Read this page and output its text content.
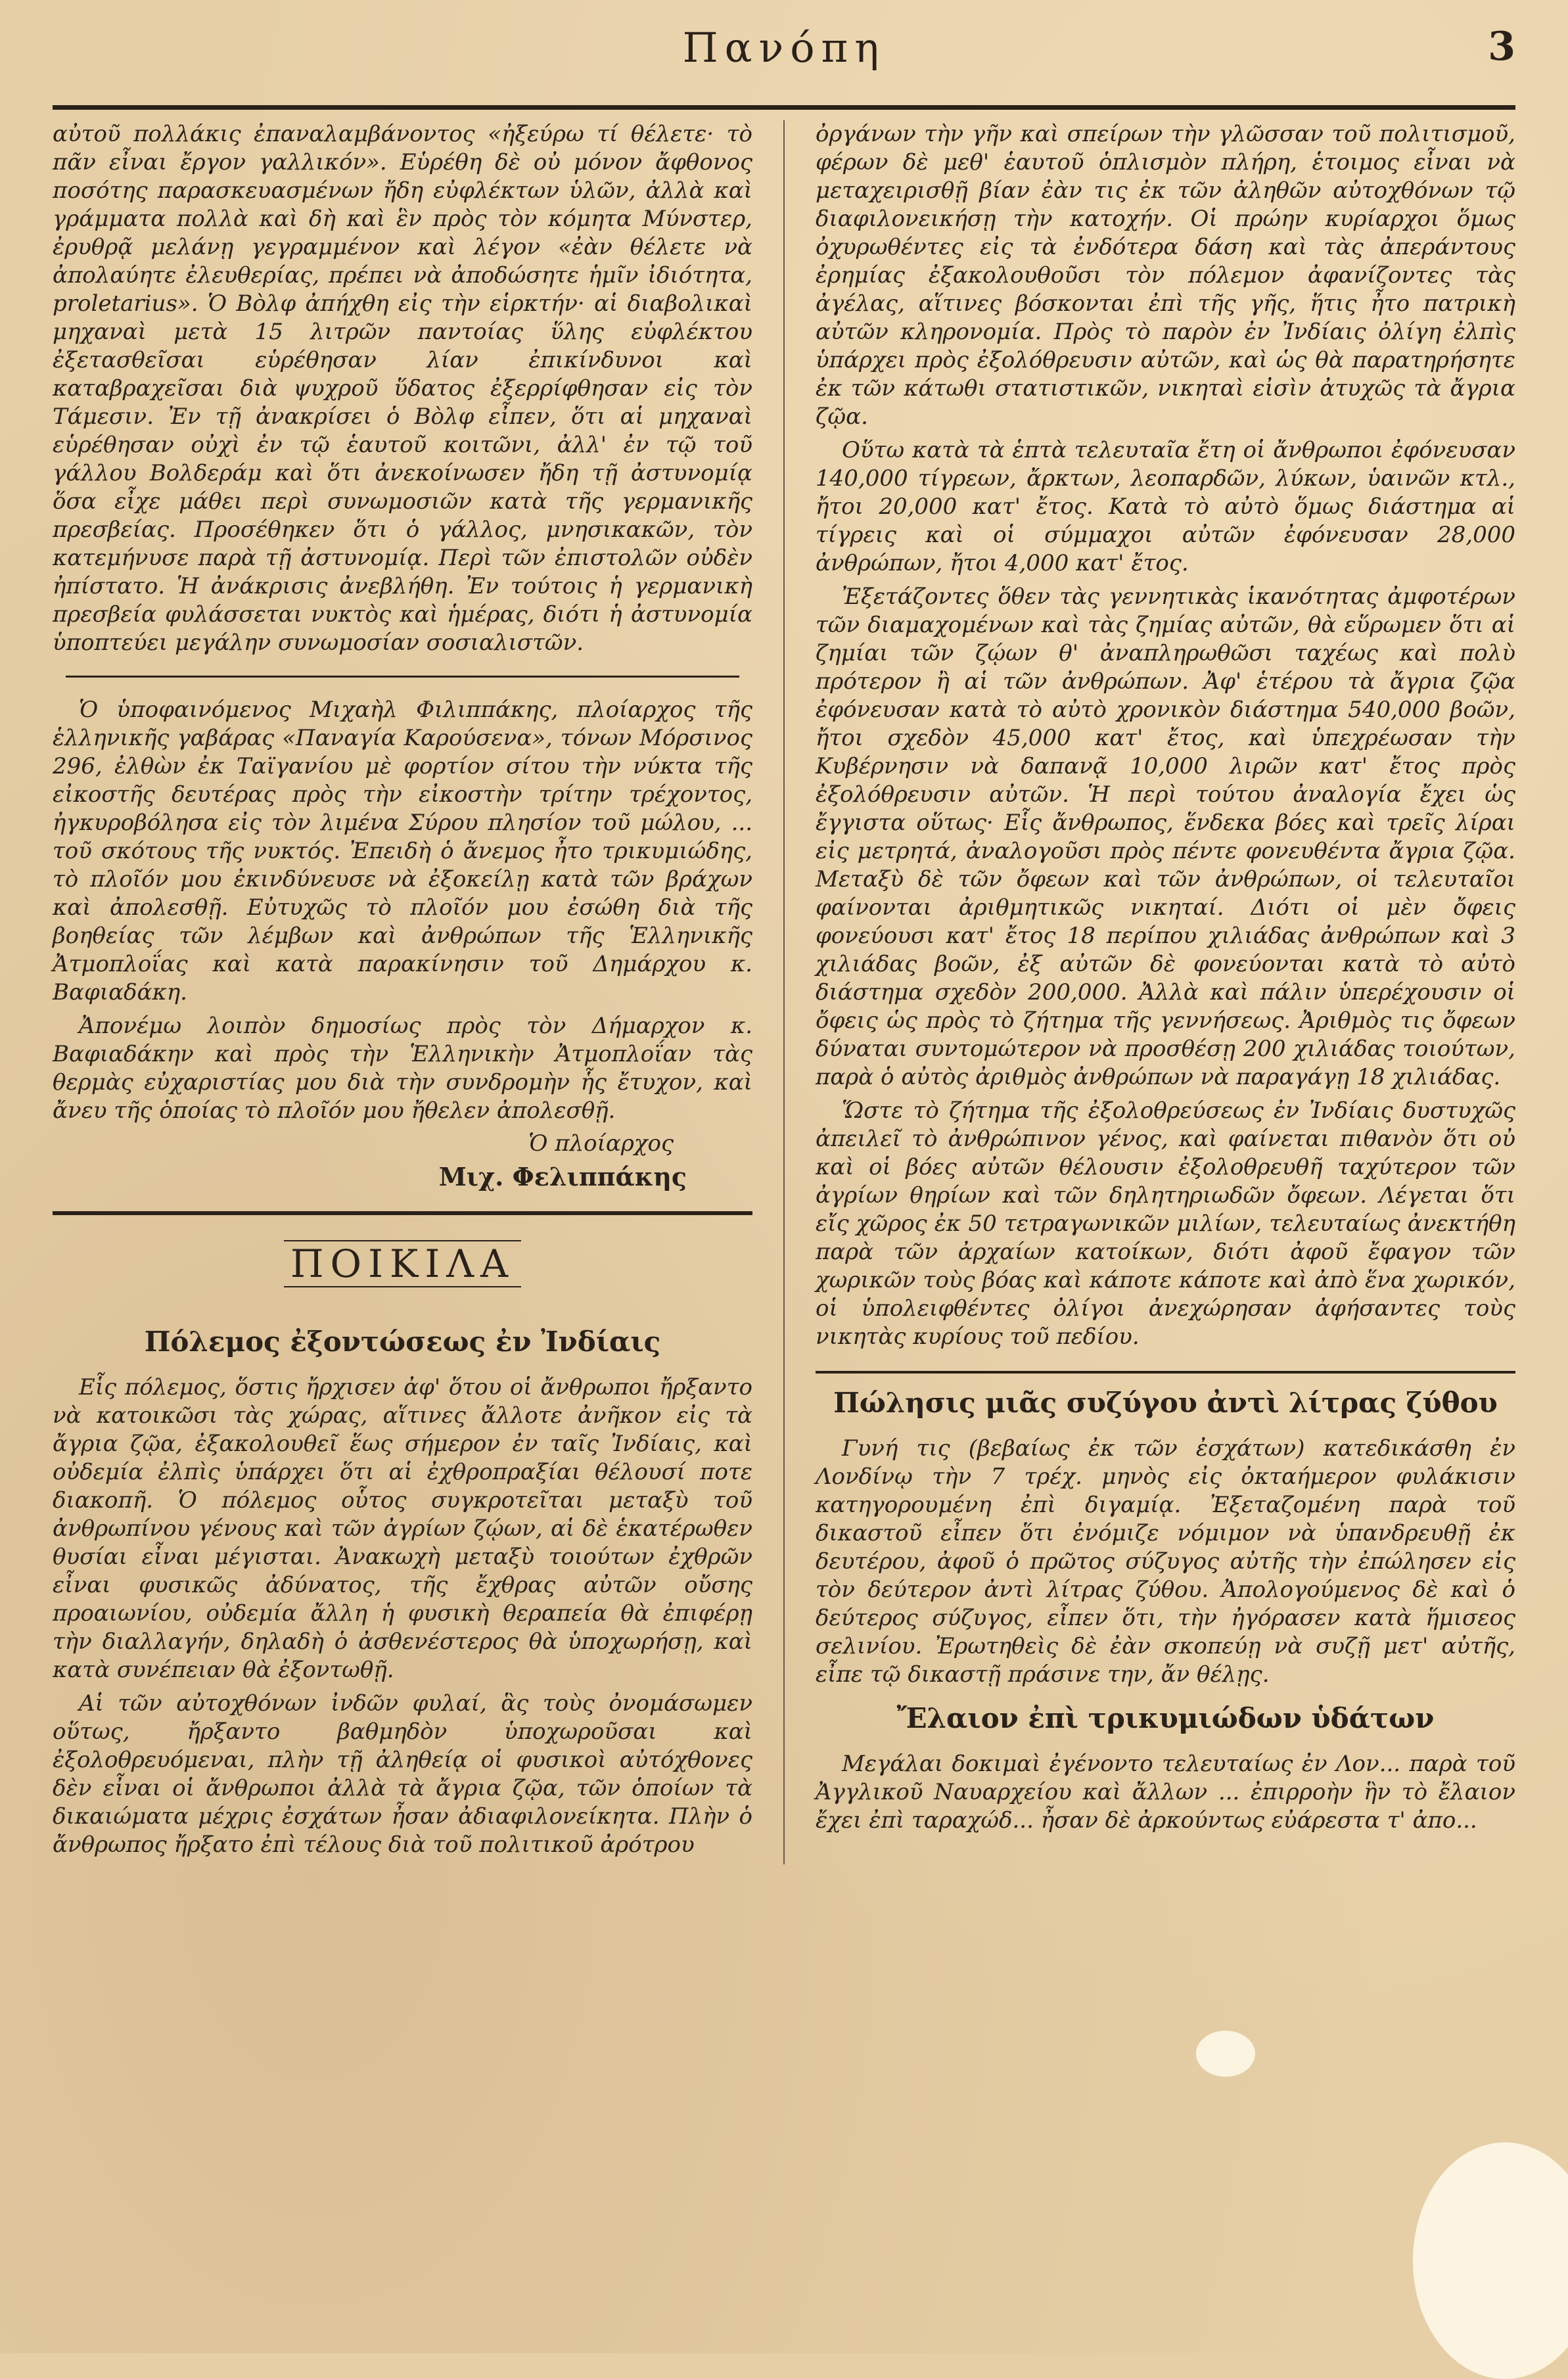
Πανόπη	3

αὐτοῦ πολλάκις ἐπαναλαμβάνοντος «ἠξεύρω τί θέλετε· τὸ πᾶν εἶναι ἔργον γαλλικόν». Εὑρέθη δὲ οὐ μόνον ἄφθονος ποσότης παρασκευασμένων ἤδη εὐφλέκτων ὑλῶν, ἀλλὰ καὶ γράμματα πολλὰ καὶ δὴ καὶ ἓν πρὸς τὸν κόμητα Μύνστερ, ἐρυθρᾷ μελάνῃ γεγραμμένον καὶ λέγον «ἐὰν θέλετε νὰ ἀπολαύητε ἐλευθερίας, πρέπει νὰ ἀποδώσητε ἡμῖν ἰδιότητα, proletarius». Ὁ Βὸλφ ἀπήχθη εἰς τὴν εἱρκτήν· αἱ διαβολικαὶ μηχαναὶ μετὰ 15 λιτρῶν παντοίας ὕλης εὐφλέκτου ἐξετασθεῖσαι εὑρέθησαν λίαν ἐπικίνδυνοι καὶ καταβραχεῖσαι διὰ ψυχροῦ ὕδατος ἐξερρίφθησαν εἰς τὸν Τάμεσιν. Ἐν τῇ ἀνακρίσει ὁ Βὸλφ εἶπεν, ὅτι αἱ μηχαναὶ εὑρέθησαν οὐχὶ ἐν τῷ ἑαυτοῦ κοιτῶνι, ἀλλ' ἐν τῷ τοῦ γάλλου Βολδεράμ καὶ ὅτι ἀνεκοίνωσεν ἤδη τῇ ἀστυνομίᾳ ὅσα εἶχε μάθει περὶ συνωμοσιῶν κατὰ τῆς γερμανικῆς πρεσβείας. Προσέθηκεν ὅτι ὁ γάλλος, μνησικακῶν, τὸν κατεμήνυσε παρὰ τῇ ἀστυνομίᾳ. Περὶ τῶν ἐπιστολῶν οὐδὲν ἠπίστατο. Ἡ ἀνάκρισις ἀνεβλήθη. Ἐν τούτοις ἡ γερμανικὴ πρεσβεία φυλάσσεται νυκτὸς καὶ ἡμέρας, διότι ἡ ἀστυνομία ὑποπτεύει μεγάλην συνωμοσίαν σοσιαλιστῶν.

Ὁ ὑποφαινόμενος Μιχαὴλ Φιλιππάκης, πλοίαρχος τῆς ἑλληνικῆς γαβάρας «Παναγία Καρούσενα», τόνων Μόρσινος 296, ἐλθὼν ἐκ Ταϊγανίου μὲ φορτίον σίτου τὴν νύκτα τῆς εἰκοστῆς δευτέρας πρὸς τὴν εἰκοστὴν τρίτην τρέχοντος, ἠγκυροβόλησα εἰς τὸν λιμένα Σύρου πλησίον τοῦ μώλου, ... τοῦ σκότους τῆς νυκτός. Ἐπειδὴ ὁ ἄνεμος ἦτο τρικυμιώδης, τὸ πλοῖόν μου ἐκινδύνευσε νὰ ἐξοκείλῃ κατὰ τῶν βράχων καὶ ἀπολεσθῇ. Εὐτυχῶς τὸ πλοῖόν μου ἐσώθη διὰ τῆς βοηθείας τῶν λέμβων καὶ ἀνθρώπων τῆς Ἑλληνικῆς Ἀτμοπλοΐας καὶ κατὰ παρακίνησιν τοῦ Δημάρχου κ. Βαφιαδάκη.

Ἀπονέμω λοιπὸν δημοσίως πρὸς τὸν Δήμαρχον κ. Βαφιαδάκην καὶ πρὸς τὴν Ἑλληνικὴν Ἀτμοπλοΐαν τὰς θερμὰς εὐχαριστίας μου διὰ τὴν συνδρομὴν ἧς ἔτυχον, καὶ ἄνευ τῆς ὁποίας τὸ πλοῖόν μου ἤθελεν ἀπολεσθῇ.

Ὁ πλοίαρχος
Μιχ. Φελιππάκης
ΠΟΙΚΙΛΑ
Πόλεμος ἐξοντώσεως ἐν Ἰνδίαις

Εἷς πόλεμος, ὅστις ἤρχισεν ἀφ' ὅτου οἱ ἄνθρωποι ἤρξαντο νὰ κατοικῶσι τὰς χώρας, αἵτινες ἄλλοτε ἀνῆκον εἰς τὰ ἄγρια ζῷα, ἐξακολουθεῖ ἕως σήμερον ἐν ταῖς Ἰνδίαις, καὶ οὐδεμία ἐλπὶς ὑπάρχει ὅτι αἱ ἐχθροπραξίαι θέλουσί ποτε διακοπῆ. Ὁ πόλεμος οὗτος συγκροτεῖται μεταξὺ τοῦ ἀνθρωπίνου γένους καὶ τῶν ἀγρίων ζῴων, αἱ δὲ ἑκατέρωθεν θυσίαι εἶναι μέγισται. Ἀνακωχὴ μεταξὺ τοιούτων ἐχθρῶν εἶναι φυσικῶς ἀδύνατος, τῆς ἔχθρας αὐτῶν οὔσης προαιωνίου, οὐδεμία ἄλλη ἡ φυσικὴ θεραπεία θὰ ἐπιφέρῃ τὴν διαλλαγήν, δηλαδὴ ὁ ἀσθενέστερος θὰ ὑποχωρήσῃ, καὶ κατὰ συνέπειαν θὰ ἐξοντωθῇ.

Αἱ τῶν αὐτοχθόνων ἰνδῶν φυλαί, ἃς τοὺς ὀνομάσωμεν οὕτως, ἤρξαντο βαθμηδὸν ὑποχωροῦσαι καὶ ἐξολοθρευόμεναι, πλὴν τῇ ἀληθείᾳ οἱ φυσικοὶ αὐτόχθονες δὲν εἶναι οἱ ἄνθρωποι ἀλλὰ τὰ ἄγρια ζῷα, τῶν ὁποίων τὰ δικαιώματα μέχρις ἐσχάτων ἦσαν ἀδιαφιλονείκητα. Πλὴν ὁ ἄνθρωπος ἤρξατο ἐπὶ τέλους διὰ τοῦ πολιτικοῦ ἀρότρου

ὀργάνων τὴν γῆν καὶ σπείρων τὴν γλῶσσαν τοῦ πολιτισμοῦ, φέρων δὲ μεθ' ἑαυτοῦ ὁπλισμὸν πλήρη, ἑτοιμος εἶναι νὰ μεταχειρισθῇ βίαν ἐὰν τις ἐκ τῶν ἀληθῶν αὐτοχθόνων τῷ διαφιλονεικήσῃ τὴν κατοχήν. Οἱ πρώην κυρίαρχοι ὅμως ὀχυρωθέντες εἰς τὰ ἐνδότερα δάση καὶ τὰς ἀπεράντους ἐρημίας ἐξακολουθοῦσι τὸν πόλεμον ἀφανίζοντες τὰς ἀγέλας, αἵτινες βόσκονται ἐπὶ τῆς γῆς, ἥτις ἦτο πατρικὴ αὐτῶν κληρονομία. Πρὸς τὸ παρὸν ἐν Ἰνδίαις ὀλίγη ἐλπὶς ὑπάρχει πρὸς ἐξολόθρευσιν αὐτῶν, καὶ ὡς θὰ παρατηρήσητε ἐκ τῶν κάτωθι στατιστικῶν, νικηταὶ εἰσὶν ἀτυχῶς τὰ ἄγρια ζῷα.

Οὕτω κατὰ τὰ ἑπτὰ τελευταῖα ἔτη οἱ ἄνθρωποι ἐφόνευσαν 140,000 τίγρεων, ἄρκτων, λεοπαρδῶν, λύκων, ὑαινῶν κτλ., ἤτοι 20,000 κατ' ἔτος. Κατὰ τὸ αὐτὸ ὅμως διάστημα αἱ τίγρεις καὶ οἱ σύμμαχοι αὐτῶν ἐφόνευσαν 28,000 ἀνθρώπων, ἤτοι 4,000 κατ' ἔτος.

Ἐξετάζοντες ὅθεν τὰς γεννητικὰς ἱκανότητας ἀμφοτέρων τῶν διαμαχομένων καὶ τὰς ζημίας αὐτῶν, θὰ εὕρωμεν ὅτι αἱ ζημίαι τῶν ζῴων θ' ἀναπληρωθῶσι ταχέως καὶ πολὺ πρότερον ἢ αἱ τῶν ἀνθρώπων. Ἀφ' ἑτέρου τὰ ἄγρια ζῷα ἐφόνευσαν κατὰ τὸ αὐτὸ χρονικὸν διάστημα 540,000 βοῶν, ἤτοι σχεδὸν 45,000 κατ' ἔτος, καὶ ὑπεχρέωσαν τὴν Κυβέρνησιν νὰ δαπανᾷ 10,000 λιρῶν κατ' ἔτος πρὸς ἐξολόθρευσιν αὐτῶν. Ἡ περὶ τούτου ἀναλογία ἔχει ὡς ἔγγιστα οὕτως· Εἷς ἄνθρωπος, ἕνδεκα βόες καὶ τρεῖς λίραι εἰς μετρητά, ἀναλογοῦσι πρὸς πέντε φονευθέντα ἄγρια ζῷα. Μεταξὺ δὲ τῶν ὄφεων καὶ τῶν ἀνθρώπων, οἱ τελευταῖοι φαίνονται ἀριθμητικῶς νικηταί. Διότι οἱ μὲν ὄφεις φονεύουσι κατ' ἔτος 18 περίπου χιλιάδας ἀνθρώπων καὶ 3 χιλιάδας βοῶν, ἐξ αὐτῶν δὲ φονεύονται κατὰ τὸ αὐτὸ διάστημα σχεδὸν 200,000. Ἀλλὰ καὶ πάλιν ὑπερέχουσιν οἱ ὄφεις ὡς πρὸς τὸ ζήτημα τῆς γεννήσεως. Ἀριθμὸς τις ὄφεων δύναται συντομώτερον νὰ προσθέσῃ 200 χιλιάδας τοιούτων, παρὰ ὁ αὐτὸς ἀριθμὸς ἀνθρώπων νὰ παραγάγῃ 18 χιλιάδας.

Ὥστε τὸ ζήτημα τῆς ἐξολοθρεύσεως ἐν Ἰνδίαις δυστυχῶς ἀπειλεῖ τὸ ἀνθρώπινον γένος, καὶ φαίνεται πιθανὸν ὅτι οὐ καὶ οἱ βόες αὐτῶν θέλουσιν ἐξολοθρευθῆ ταχύτερον τῶν ἀγρίων θηρίων καὶ τῶν δηλητηριωδῶν ὄφεων. Λέγεται ὅτι εἴς χῶρος ἐκ 50 τετραγωνικῶν μιλίων, τελευταίως ἀνεκτήθη παρὰ τῶν ἀρχαίων κατοίκων, διότι ἀφοῦ ἔφαγον τῶν χωρικῶν τοὺς βόας καὶ κάποτε κάποτε καὶ ἀπὸ ἕνα χωρικόν, οἱ ὑπολειφθέντες ὀλίγοι ἀνεχώρησαν ἀφήσαντες τοὺς νικητὰς κυρίους τοῦ πεδίου.

Πώλησις μιᾶς συζύγου ἀντὶ λίτρας ζύθου

Γυνή τις (βεβαίως ἐκ τῶν ἐσχάτων) κατεδικάσθη ἐν Λονδίνῳ τὴν 7 τρέχ. μηνὸς εἰς ὀκταήμερον φυλάκισιν κατηγορουμένη ἐπὶ διγαμίᾳ. Ἐξεταζομένη παρὰ τοῦ δικαστοῦ εἶπεν ὅτι ἐνόμιζε νόμιμον νὰ ὑπανδρευθῇ ἐκ δευτέρου, ἀφοῦ ὁ πρῶτος σύζυγος αὐτῆς τὴν ἐπώλησεν εἰς τὸν δεύτερον ἀντὶ λίτρας ζύθου. Ἀπολογούμενος δὲ καὶ ὁ δεύτερος σύζυγος, εἶπεν ὅτι, τὴν ἠγόρασεν κατὰ ἥμισεος σελινίου. Ἐρωτηθεὶς δὲ ἐὰν σκοπεύῃ νὰ συζῇ μετ' αὐτῆς, εἶπε τῷ δικαστῇ πράσινε την, ἄν θέλῃς.

Ἔλαιον ἐπὶ τρικυμιώδων ὑδάτων

Μεγάλαι δοκιμαὶ ἐγένοντο τελευταίως ἐν Λον... παρὰ τοῦ Ἀγγλικοῦ Ναυαρχείου καὶ ἄλλων ... ἐπιρροὴν ἣν τὸ ἔλαιον ἔχει ἐπὶ ταραχώδ... ἦσαν δὲ ἀρκούντως εὐάρεστα τ' ἀπο...
